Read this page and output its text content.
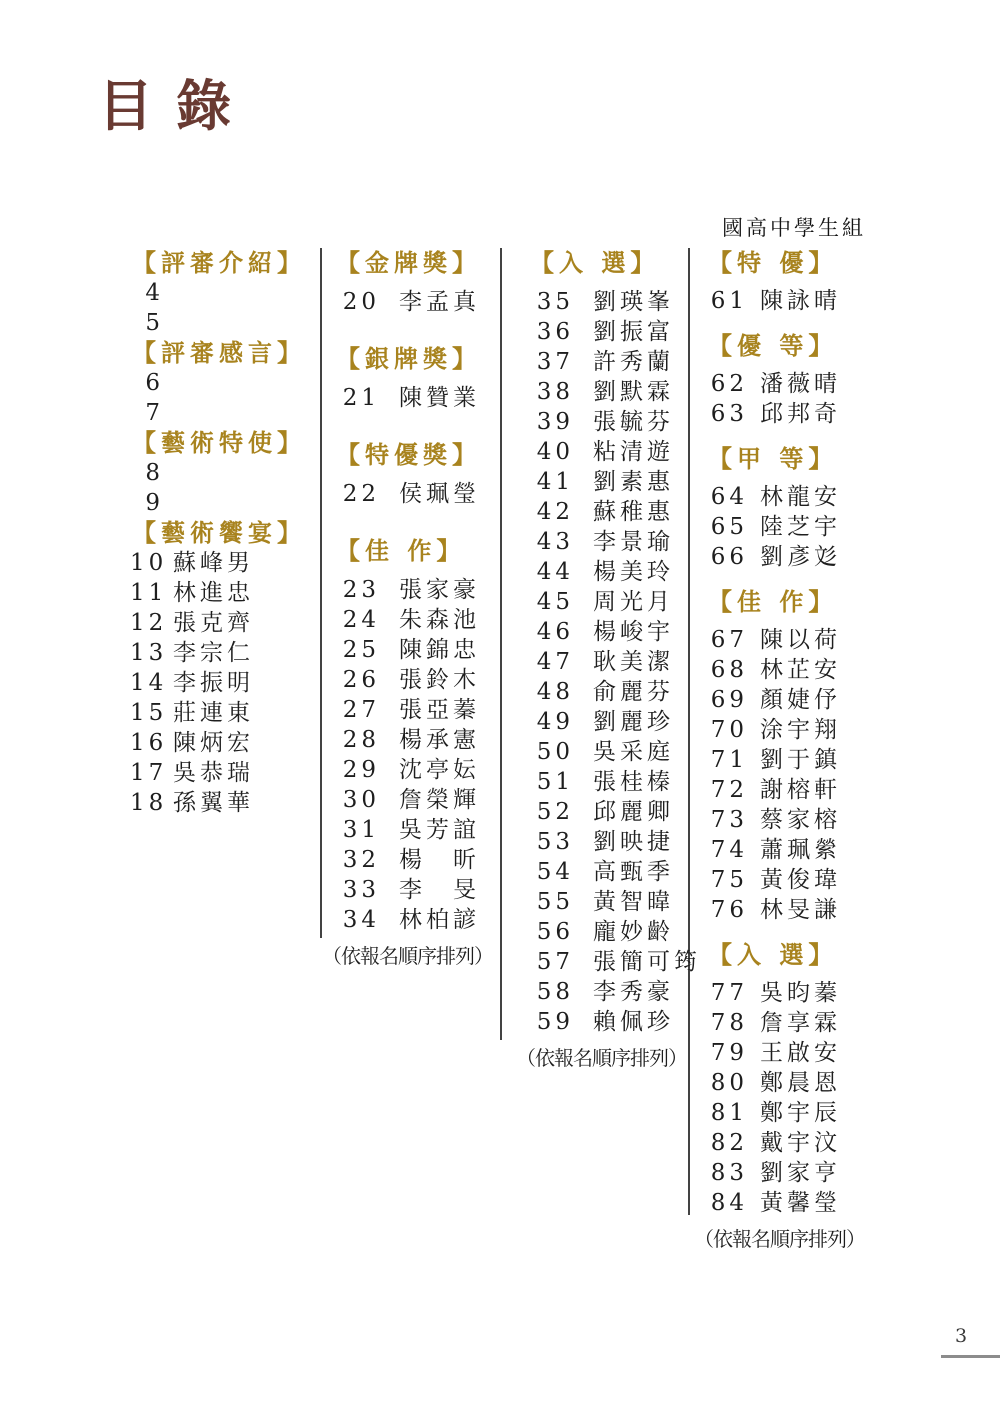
目 錄
國高中學生組
【評審介紹】
4
5
【評審感言】
6
7
【藝術特使】
8
9
【藝術饗宴】
10 蘇峰男
11 林進忠
12 張克齊
13 李宗仁
14 李振明
15 莊連東
16 陳炳宏
17 吳恭瑞
18 孫翼華
【金牌獎】
20 李孟真
【銀牌獎】
21 陳贊業
【特優獎】
22 侯珮瑩
【佳 作】
23 張家豪
24 朱森池
25 陳錦忠
26 張鈴木
27 張亞蓁
28 楊承憲
29 沈亭妘
30 詹榮輝
31 吳芳誼
32 楊　昕
33 李　旻
34 林柏諺
（依報名順序排列）
【入 選】
35 劉瑛峯
36 劉振富
37 許秀蘭
38 劉默霖
39 張毓芬
40 粘清遊
41 劉素惠
42 蘇稚惠
43 李景瑜
44 楊美玲
45 周光月
46 楊峻宇
47 耿美潔
48 俞麗芬
49 劉麗珍
50 吳采庭
51 張桂榛
52 邱麗卿
53 劉映捷
54 高甄季
55 黃智暐
56 龐妙齡
57 張簡可筠
58 李秀豪
59 賴佩珍
（依報名順序排列）
【特 優】
61 陳詠晴
【優 等】
62 潘薇晴
63 邱邦奇
【甲 等】
64 林龍安
65 陸芝宇
66 劉彥彣
【佳 作】
67 陳以荷
68 林芷安
69 顏婕伃
70 涂宇翔
71 劉于鎮
72 謝榕軒
73 蔡家榕
74 蕭珮縈
75 黃俊瑋
76 林旻謙
【入 選】
77 吳昀蓁
78 詹享霖
79 王啟安
80 鄭晨恩
81 鄭宇辰
82 戴宇汶
83 劉家亨
84 黃馨瑩
（依報名順序排列）
3
